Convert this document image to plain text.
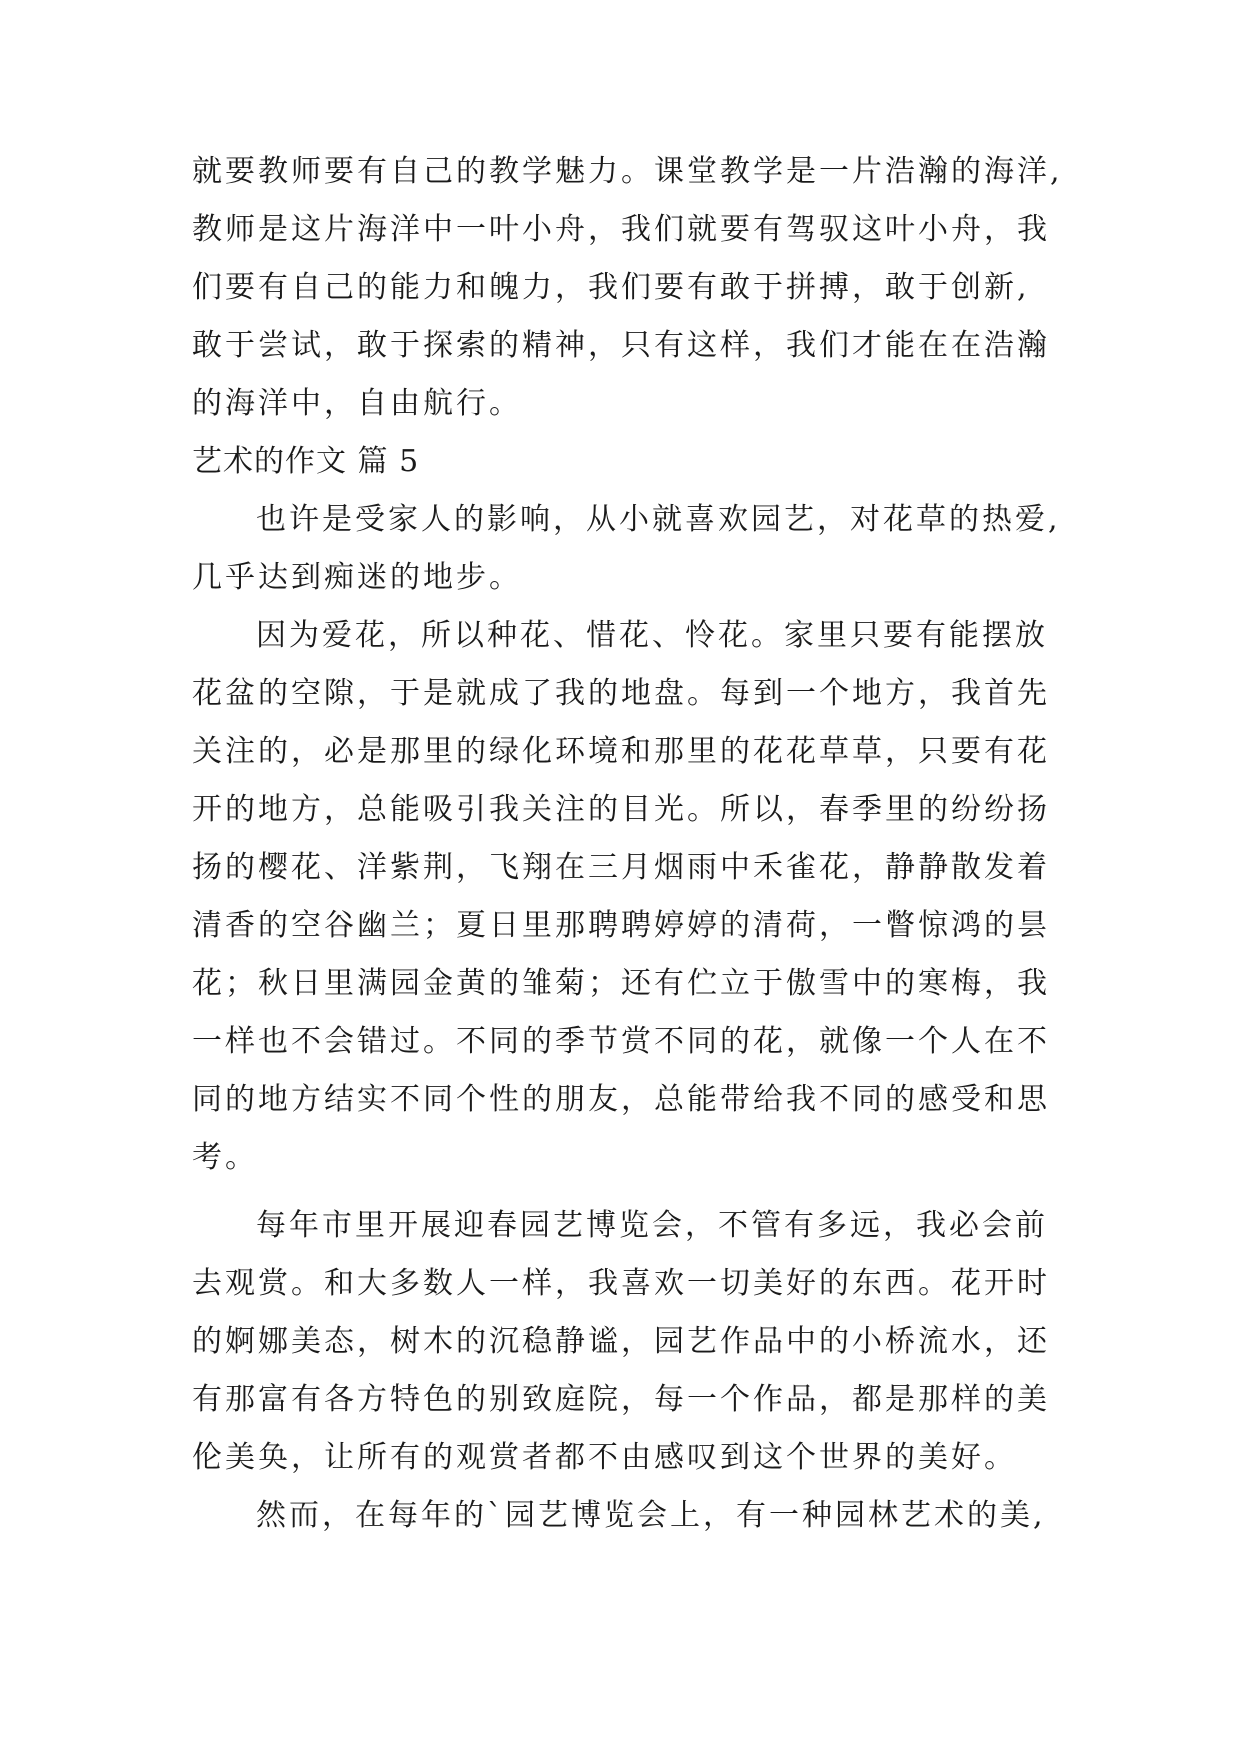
就要教师要有自己的教学魅力。课堂教学是一片浩瀚的海洋,
教师是这片海洋中一叶小舟，我们就要有驾驭这叶小舟，我
们要有自己的能力和魄力，我们要有敢于拼搏，敢于创新,
敢于尝试，敢于探索的精神，只有这样，我们才能在在浩瀚
的海洋中，自由航行。
艺术的作文 篇 5
也许是受家人的影响，从小就喜欢园艺，对花草的热爱,
几乎达到痴迷的地步。
因为爱花，所以种花、惜花、怜花。家里只要有能摆放
花盆的空隙，于是就成了我的地盘。每到一个地方，我首先
关注的，必是那里的绿化环境和那里的花花草草，只要有花
开的地方，总能吸引我关注的目光。所以，春季里的纷纷扬
扬的樱花、洋紫荆，飞翔在三月烟雨中禾雀花，静静散发着
清香的空谷幽兰；夏日里那聘聘婷婷的清荷，一瞥惊鸿的昙
花；秋日里满园金黄的雏菊；还有伫立于傲雪中的寒梅，我
一样也不会错过。不同的季节赏不同的花，就像一个人在不
同的地方结实不同个性的朋友，总能带给我不同的感受和思
考。
每年市里开展迎春园艺博览会，不管有多远，我必会前
去观赏。和大多数人一样，我喜欢一切美好的东西。花开时
的婀娜美态，树木的沉稳静谧，园艺作品中的小桥流水，还
有那富有各方特色的别致庭院，每一个作品，都是那样的美
伦美奂，让所有的观赏者都不由感叹到这个世界的美好。
然而，在每年的`园艺博览会上，有一种园林艺术的美,
